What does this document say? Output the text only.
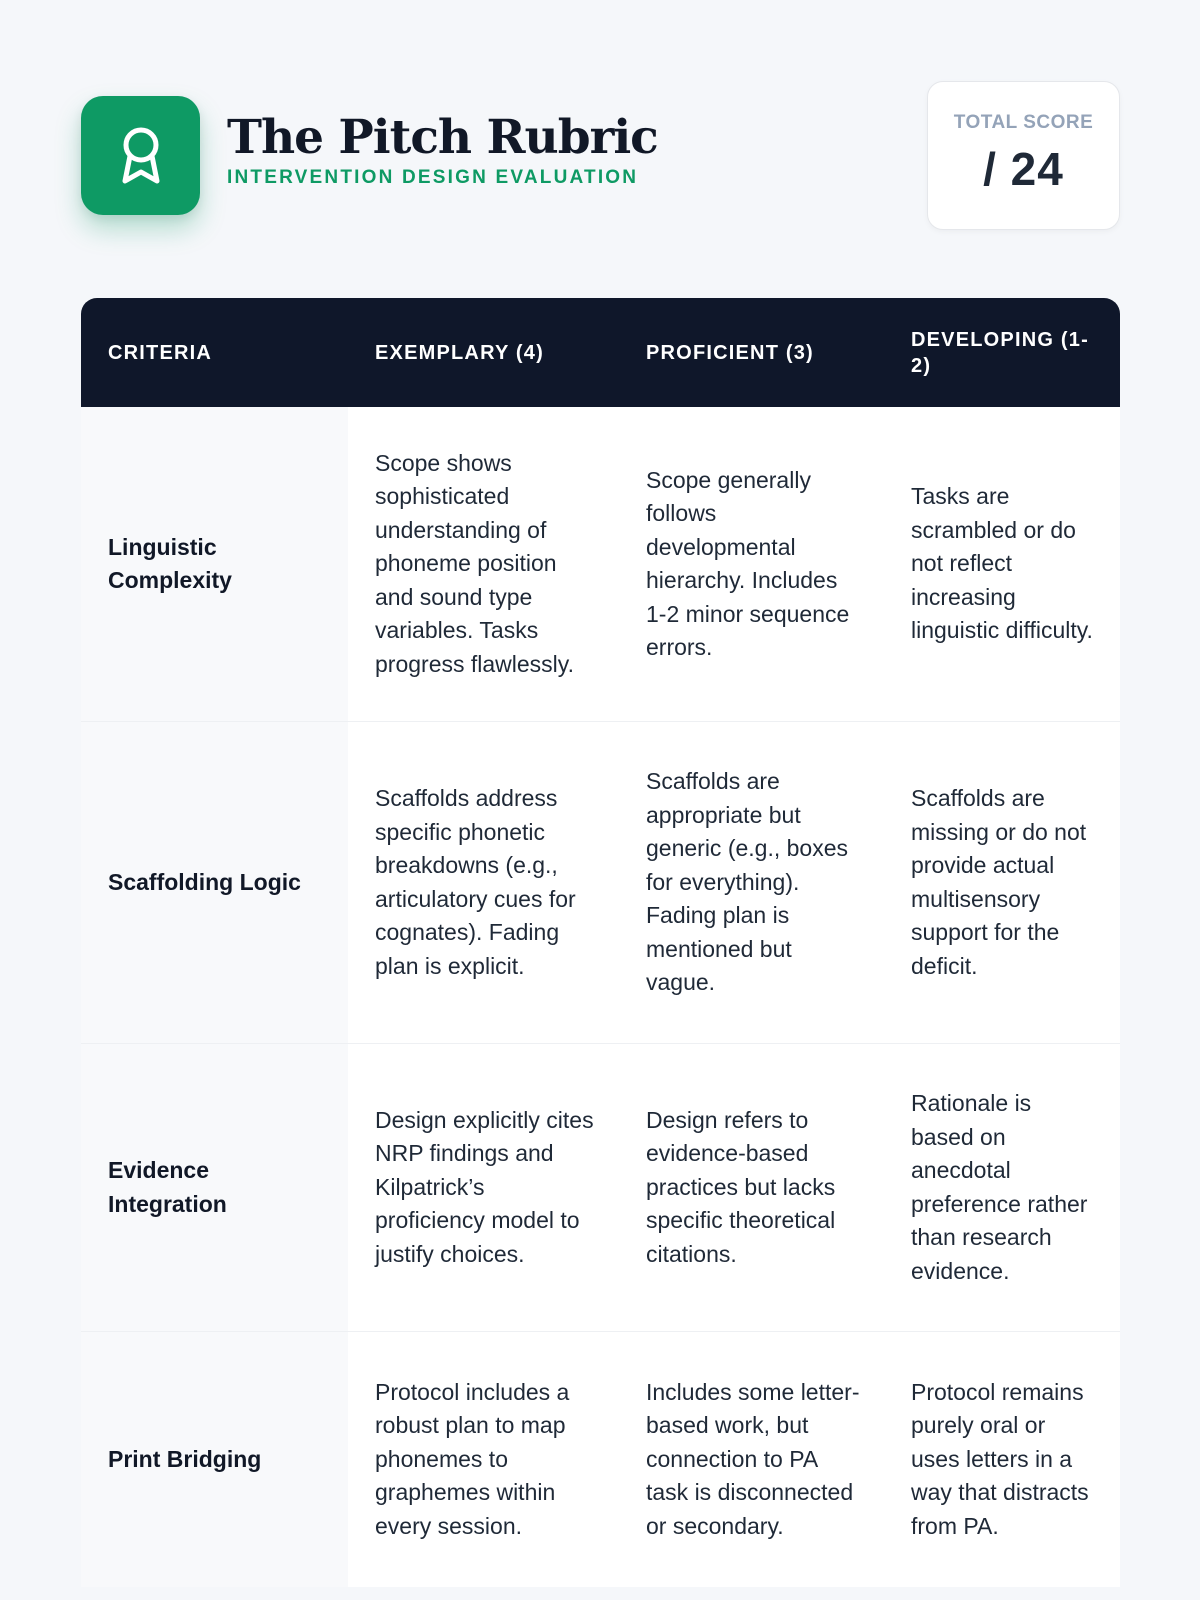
The Pitch Rubric
INTERVENTION DESIGN EVALUATION
TOTAL SCORE
/ 24
CRITERIA	EXEMPLARY (4)	PROFICIENT (3)
DEVELOPING (1-2)
Linguistic Complexity
Scope shows sophisticated understanding of phoneme position and sound type variables. Tasks progress flawlessly.
Scope generally follows developmental hierarchy. Includes 1-2 minor sequence errors.
Tasks are scrambled or do not reflect increasing linguistic difficulty.
Scaffolding Logic
Scaffolds address specific phonetic breakdowns (e.g., articulatory cues for cognates). Fading plan is explicit.
Scaffolds are appropriate but generic (e.g., boxes for everything). Fading plan is mentioned but vague.
Scaffolds are missing or do not provide actual multisensory support for the deficit.
Evidence Integration
Design explicitly cites NRP findings and Kilpatrick’s proficiency model to justify choices.
Design refers to evidence-based practices but lacks specific theoretical citations.
Rationale is based on anecdotal preference rather than research evidence.
Print Bridging
Protocol includes a robust plan to map phonemes to graphemes within every session.
Includes some letter-based work, but connection to PA task is disconnected or secondary.
Protocol remains purely oral or uses letters in a way that distracts from PA.
